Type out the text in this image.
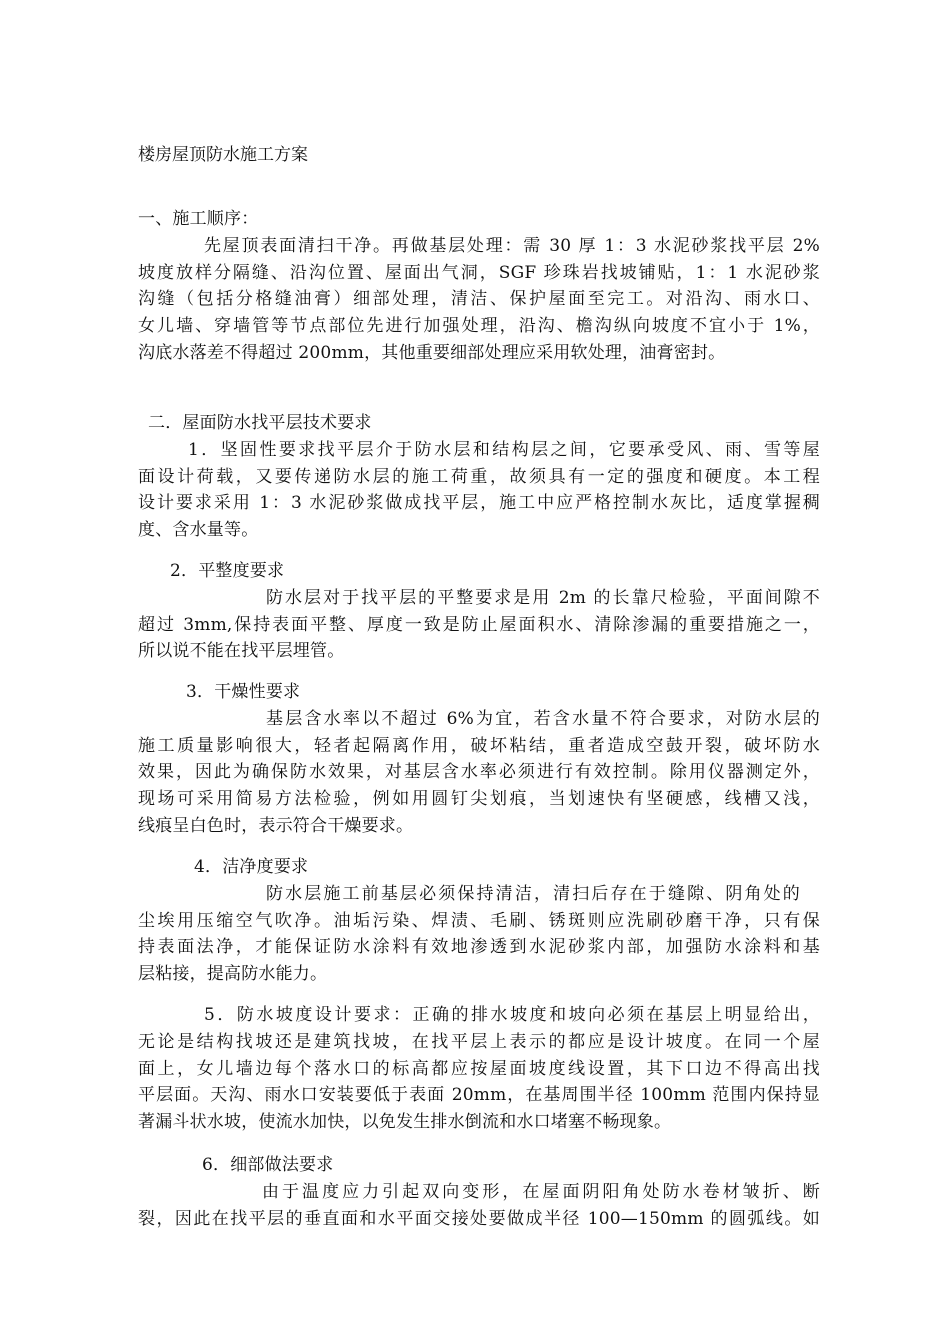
楼房屋顶防水施工方案
一、施工顺序：
先屋顶表面清扫干净。再做基层处理：需 30 厚 1：3 水泥砂浆找平层 2%
坡度放样分隔缝、沿沟位置、屋面出气洞，SGF 珍珠岩找坡铺贴，1：1 水泥砂浆
沟缝（包括分格缝油膏）细部处理，清洁、保护屋面至完工。对沿沟、雨水口、
女儿墙、穿墙管等节点部位先进行加强处理，沿沟、檐沟纵向坡度不宜小于 1%，
沟底水落差不得超过 200mm，其他重要细部处理应采用软处理，油膏密封。
二．屋面防水找平层技术要求
1．坚固性要求找平层介于防水层和结构层之间，它要承受风、雨、雪等屋
面设计荷载，又要传递防水层的施工荷重，故须具有一定的强度和硬度。本工程
设计要求采用 1：3 水泥砂浆做成找平层，施工中应严格控制水灰比，适度掌握稠
度、含水量等。
2．平整度要求
防水层对于找平层的平整要求是用 2m 的长靠尺检验，平面间隙不
超过 3mm,保持表面平整、厚度一致是防止屋面积水、清除渗漏的重要措施之一，
所以说不能在找平层埋管。
3．干燥性要求
基层含水率以不超过 6%为宜，若含水量不符合要求，对防水层的
施工质量影响很大，轻者起隔离作用，破坏粘结，重者造成空鼓开裂，破坏防水
效果，因此为确保防水效果，对基层含水率必须进行有效控制。除用仪器测定外，
现场可采用简易方法检验，例如用圆钉尖划痕，当划速快有坚硬感，线槽又浅，
线痕呈白色时，表示符合干燥要求。
4．洁净度要求
防水层施工前基层必须保持清洁，清扫后存在于缝隙、阴角处的
尘埃用压缩空气吹净。油垢污染、焊渍、毛刷、锈斑则应洗刷砂磨干净，只有保
持表面法净，才能保证防水涂料有效地渗透到水泥砂浆内部，加强防水涂料和基
层粘接，提高防水能力。
5．防水坡度设计要求：正确的排水坡度和坡向必须在基层上明显给出，
无论是结构找坡还是建筑找坡，在找平层上表示的都应是设计坡度。在同一个屋
面上，女儿墙边每个落水口的标高都应按屋面坡度线设置，其下口边不得高出找
平层面。天沟、雨水口安装要低于表面 20mm，在基周围半径 100mm 范围内保持显
著漏斗状水坡，使流水加快，以免发生排水倒流和水口堵塞不畅现象。
6．细部做法要求
由于温度应力引起双向变形，在屋面阴阳角处防水卷材皱折、断
裂，因此在找平层的垂直面和水平面交接处要做成半径 100—150mm 的圆弧线。如
